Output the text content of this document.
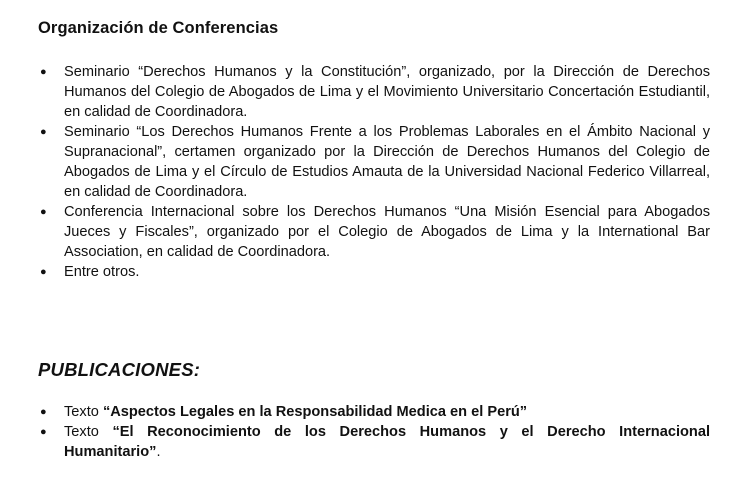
Organización de Conferencias
● Seminario “Derechos Humanos y la Constitución”, organizado, por la Dirección de Derechos Humanos del Colegio de Abogados de Lima y el Movimiento Universitario Concertación Estudiantil, en calidad de Coordinadora.
● Seminario “Los Derechos Humanos Frente a los Problemas Laborales en el Ámbito Nacional y Supranacional”, certamen organizado por la Dirección de Derechos Humanos del Colegio de Abogados de Lima y el Círculo de Estudios Amauta de la Universidad Nacional Federico Villarreal, en calidad de Coordinadora.
● Conferencia Internacional sobre los Derechos Humanos “Una Misión Esencial para Abogados Jueces y Fiscales”, organizado por el Colegio de Abogados de Lima y la International Bar Association, en calidad de Coordinadora.
● Entre otros.
PUBLICACIONES:
● Texto “Aspectos Legales en la Responsabilidad Medica en el Perú”
● Texto “El Reconocimiento de los Derechos Humanos y el Derecho Internacional Humanitario”.
